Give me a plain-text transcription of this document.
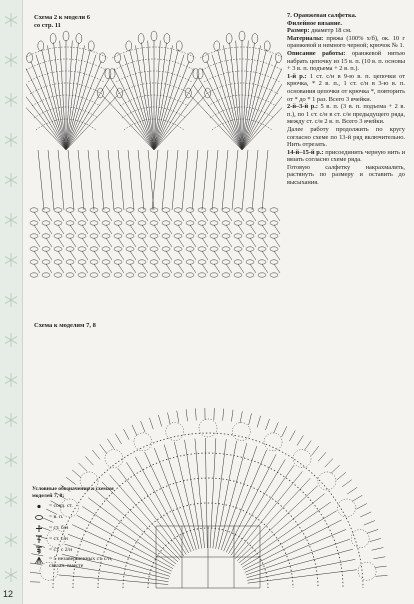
Схема 2 к модели 6 со стр. 11

7. Оранжевая салфетка.

Филейное вязание.

Размер: диаметр 18 см.

Материалы: пряжа (100% х/б), ок. 10 г оранжевой и немного черной; крючок № 1.

Описание работы: оранжевой нитью набрать цепочку из 15 в. п. (10 в. п. основы + 3 в. п. подъема + 2 в. п.).

1-й р.: 1 ст. с/н в 9-ю в. п. цепочки от крючка, * 2 в. п., 1 ст. с/н в 3-ю в. п. основания цепочки от крючка *, повторить от * до * 1 раз. Всего 3 ячейки.

2-й–3-й р.: 5 в. п. (3 в. п. подъема + 2 в. п.), по 1 ст. с/н в ст. с/н предыдущего ряда, между ст. с/н 2 в. п. Всего 3 ячейки.

Далее работу продолжить по кругу согласно схеме по 13-й ряд включительно. Нить отрезать.

14-й–15-й р.: присоединить черную нить и вязать согласно схеме ряда.

Готовую салфетку накрахмалить, растянуть по размеру и оставить до высыхания.

Схема к моделям 7, 8
Условные обозначения к схемам моделей 7, 8:
= соед. ст.
= в. п.
= ст. б/н
= ст. с/н
= ст. с 2/н
= 5 незавершенных ст. с/н, связан. вместе
12
